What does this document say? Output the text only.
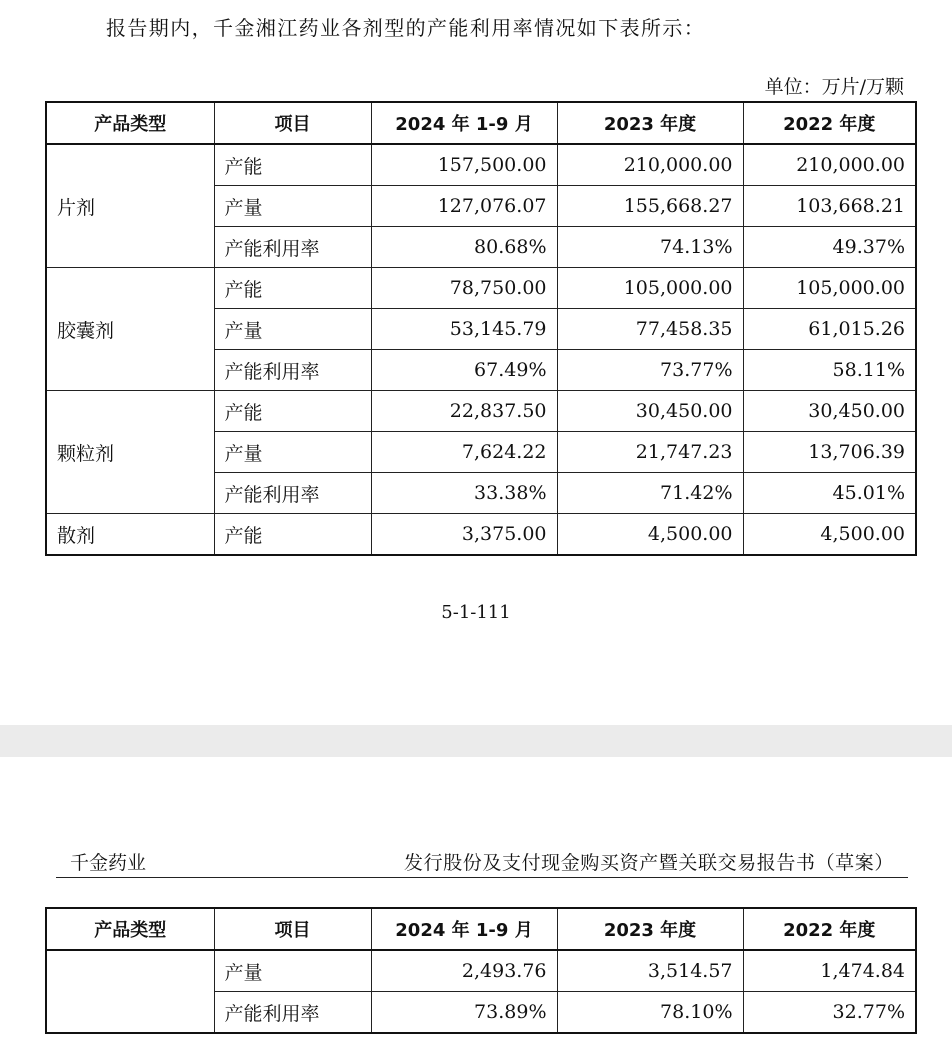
报告期内，千金湘江药业各剂型的产能利用率情况如下表所示：
单位：万片/万颗
产品类型	项目	2024 年 1-9 月	2023 年度	2022 年度
片剂	产能	157,500.00	210,000.00	210,000.00
	产量	127,076.07	155,668.27	103,668.21
	产能利用率	80.68%	74.13%	49.37%
胶囊剂	产能	78,750.00	105,000.00	105,000.00
	产量	53,145.79	77,458.35	61,015.26
	产能利用率	67.49%	73.77%	58.11%
颗粒剂	产能	22,837.50	30,450.00	30,450.00
	产量	7,624.22	21,747.23	13,706.39
	产能利用率	33.38%	71.42%	45.01%
散剂	产能	3,375.00	4,500.00	4,500.00
5-1-111
千金药业	发行股份及支付现金购买资产暨关联交易报告书（草案）
产品类型	项目	2024 年 1-9 月	2023 年度	2022 年度
	产量	2,493.76	3,514.57	1,474.84
	产能利用率	73.89%	78.10%	32.77%
